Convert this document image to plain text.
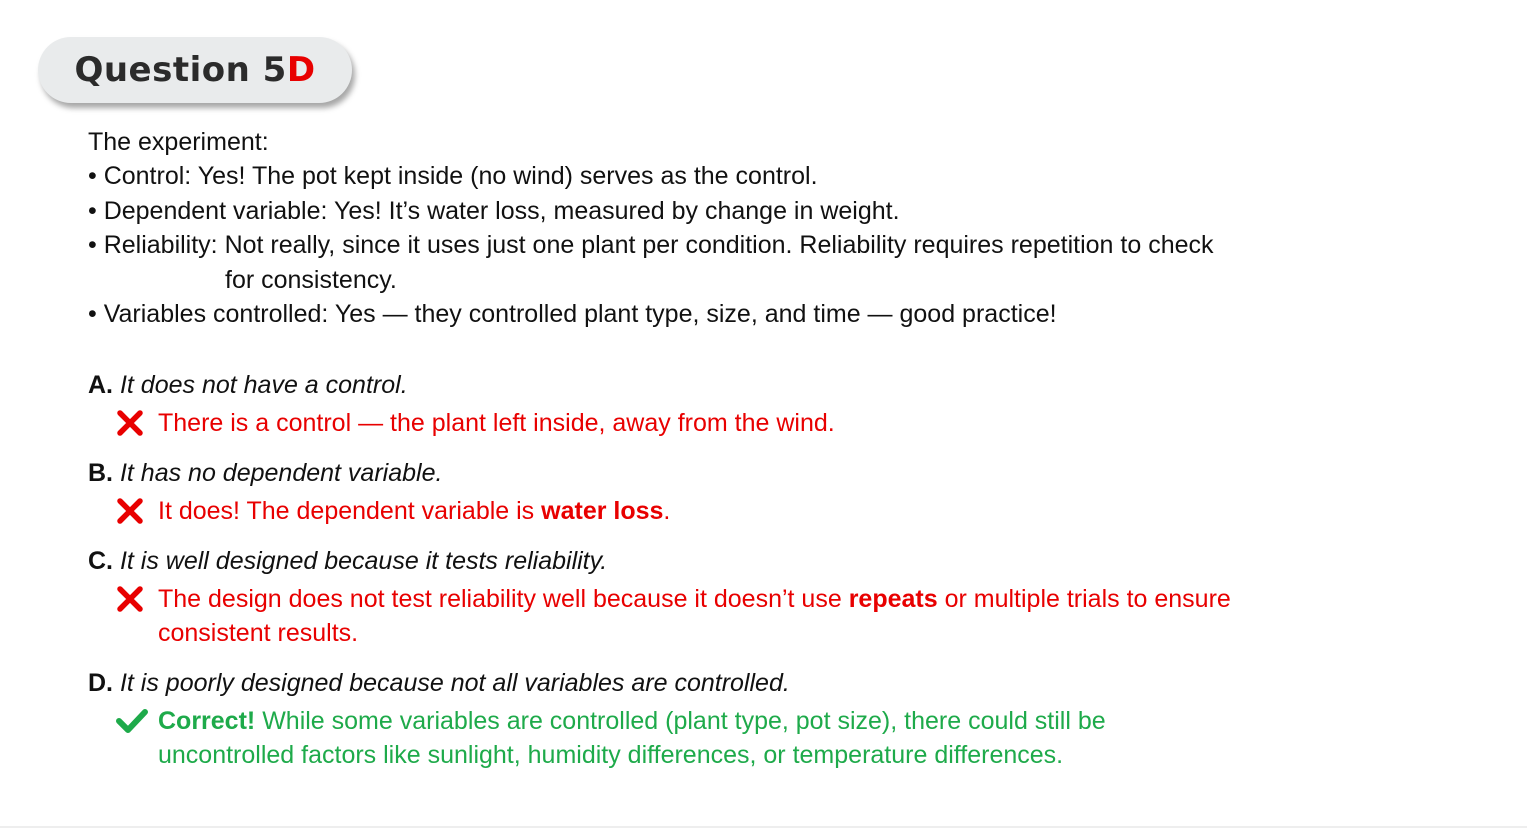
Question 5D
The experiment:
• Control: Yes! The pot kept inside (no wind) serves as the control.
• Dependent variable: Yes! It’s water loss, measured by change in weight.
• Reliability: Not really, since it uses just one plant per condition. Reliability requires repetition to check
for consistency.
• Variables controlled: Yes — they controlled plant type, size, and time — good practice!
A. It does not have a control.
There is a control — the plant left inside, away from the wind.
B. It has no dependent variable.
It does! The dependent variable is water loss.
C. It is well designed because it tests reliability.
The design does not test reliability well because it doesn’t use repeats or multiple trials to ensure consistent results.
D. It is poorly designed because not all variables are controlled.
Correct! While some variables are controlled (plant type, pot size), there could still be uncontrolled factors like sunlight, humidity differences, or temperature differences.
